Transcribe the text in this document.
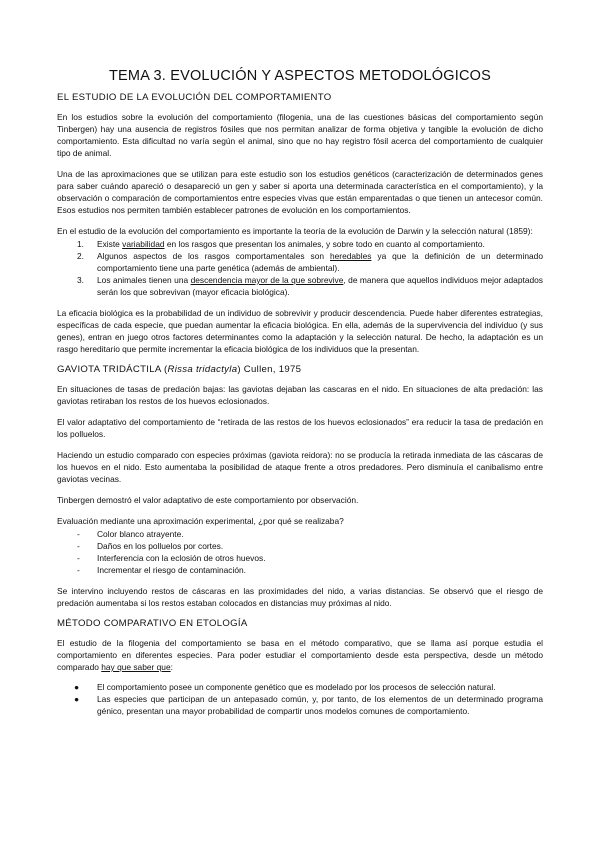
TEMA 3. EVOLUCIÓN Y ASPECTOS METODOLÓGICOS
EL ESTUDIO DE LA EVOLUCIÓN DEL COMPORTAMIENTO

En los estudios sobre la evolución del comportamiento (filogenia, una de las cuestiones básicas del comportamiento según Tinbergen) hay una ausencia de registros fósiles que nos permitan analizar de forma objetiva y tangible la evolución de dicho comportamiento. Esta dificultad no varía según el animal, sino que no hay registro fósil acerca del comportamiento de cualquier tipo de animal.

Una de las aproximaciones que se utilizan para este estudio son los estudios genéticos (caracterización de determinados genes para saber cuándo apareció o desapareció un gen y saber si aporta una determinada característica en el comportamiento), y la observación o comparación de comportamientos entre especies vivas que están emparentadas o que tienen un antecesor común. Esos estudios nos permiten también establecer patrones de evolución en los comportamientos.

En el estudio de la evolución del comportamiento es importante la teoría de la evolución de Darwin y la selección natural (1859):

1. Existe variabilidad en los rasgos que presentan los animales, y sobre todo en cuanto al comportamiento.
2. Algunos aspectos de los rasgos comportamentales son heredables ya que la definición de un determinado comportamiento tiene una parte genética (además de ambiental).
3. Los animales tienen una descendencia mayor de la que sobrevive, de manera que aquellos individuos mejor adaptados serán los que sobrevivan (mayor eficacia biológica).

La eficacia biológica es la probabilidad de un individuo de sobrevivir y producir descendencia. Puede haber diferentes estrategias, específicas de cada especie, que puedan aumentar la eficacia biológica. En ella, además de la supervivencia del individuo (y sus genes), entran en juego otros factores determinantes como la adaptación y la selección natural. De hecho, la adaptación es un rasgo hereditario que permite incrementar la eficacia biológica de los individuos que la presentan.

GAVIOTA TRIDÁCTILA (Rissa tridactyla) Cullen, 1975

En situaciones de tasas de predación bajas: las gaviotas dejaban las cascaras en el nido. En situaciones de alta predación: las gaviotas retiraban los restos de los huevos eclosionados.

El valor adaptativo del comportamiento de “retirada de las restos de los huevos eclosionados” era reducir la tasa de predación en los polluelos.

Haciendo un estudio comparado con especies próximas (gaviota reidora): no se producía la retirada inmediata de las cáscaras de los huevos en el nido. Esto aumentaba la posibilidad de ataque frente a otros predadores. Pero disminuía el canibalismo entre gaviotas vecinas.

Tinbergen demostró el valor adaptativo de este comportamiento por observación.

Evaluación mediante una aproximación experimental, ¿por qué se realizaba?

- Color blanco atrayente.
- Daños en los polluelos por cortes.
- Interferencia con la eclosión de otros huevos.
- Incrementar el riesgo de contaminación.

Se intervino incluyendo restos de cáscaras en las proximidades del nido, a varias distancias. Se observó que el riesgo de predación aumentaba si los restos estaban colocados en distancias muy próximas al nido.

MÉTODO COMPARATIVO EN ETOLOGÍA

El estudio de la filogenia del comportamiento se basa en el método comparativo, que se llama así porque estudia el comportamiento en diferentes especies. Para poder estudiar el comportamiento desde esta perspectiva, desde un método comparado hay que saber que:

● El comportamiento posee un componente genético que es modelado por los procesos de selección natural.
● Las especies que participan de un antepasado común, y, por tanto, de los elementos de un determinado programa génico, presentan una mayor probabilidad de compartir unos modelos comunes de comportamiento.
